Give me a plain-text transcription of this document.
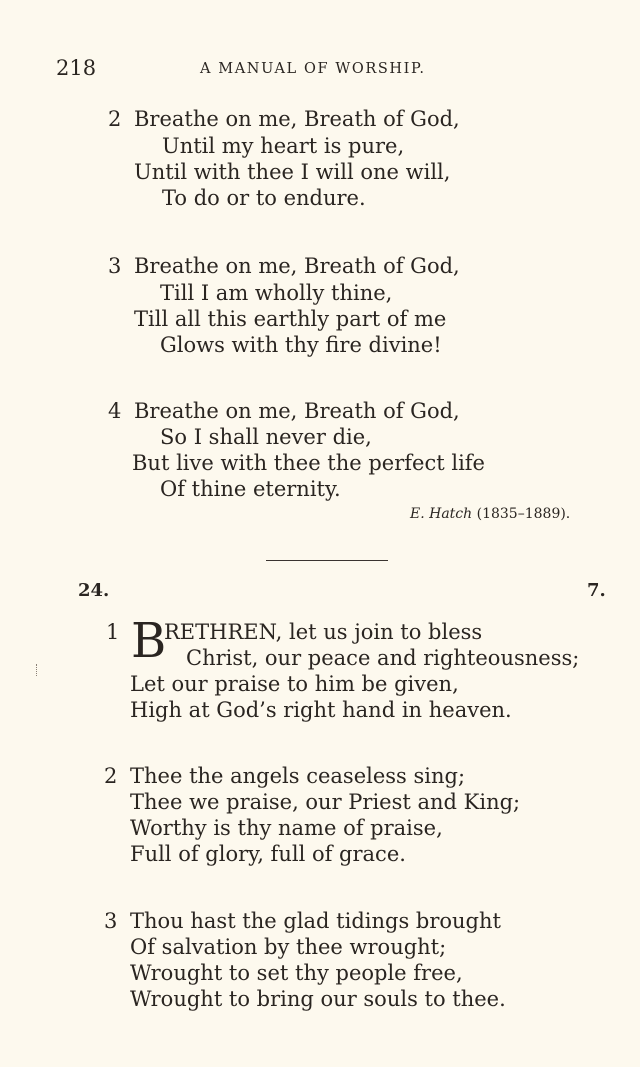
218	A MANUAL OF WORSHIP.
2 Breathe on me, Breath of God,
Until my heart is pure,
Until with thee I will one will,
To do or to endure.
3 Breathe on me, Breath of God,
Till I am wholly thine,
Till all this earthly part of me
Glows with thy fire divine!
4 Breathe on me, Breath of God,
So I shall never die,
But live with thee the perfect life
Of thine eternity.
E. Hatch (1835–1889).
24.	7.
1 B
RETHREN, let us join to bless
Christ, our peace and righteousness;
Let our praise to him be given,
High at God’s right hand in heaven.
2 Thee the angels ceaseless sing;
Thee we praise, our Priest and King;
Worthy is thy name of praise,
Full of glory, full of grace.
3 Thou hast the glad tidings brought
Of salvation by thee wrought;
Wrought to set thy people free,
Wrought to bring our souls to thee.
